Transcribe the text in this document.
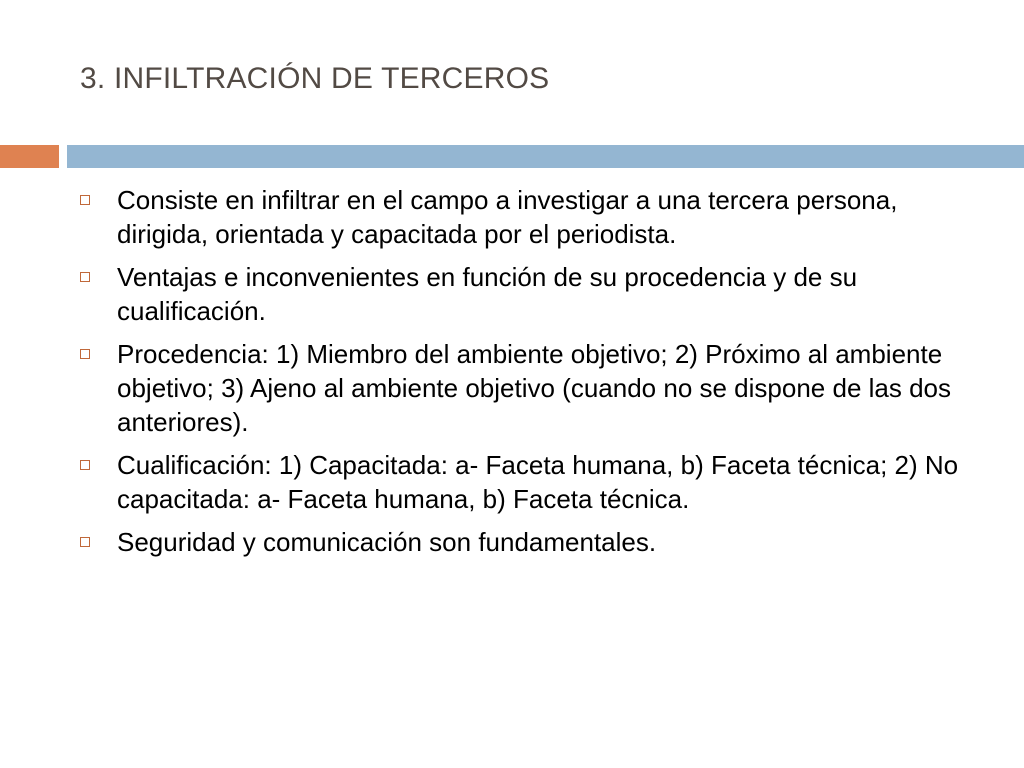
3. INFILTRACIÓN DE TERCEROS
Consiste en infiltrar en el campo a investigar a una tercera persona, dirigida, orientada y capacitada por el periodista.
Ventajas e inconvenientes en función de su procedencia y de su cualificación.
Procedencia: 1) Miembro del ambiente objetivo; 2) Próximo al ambiente objetivo; 3) Ajeno al ambiente objetivo (cuando no se dispone de las dos anteriores).
Cualificación: 1) Capacitada: a- Faceta humana, b) Faceta técnica; 2) No capacitada: a- Faceta humana, b) Faceta técnica.
Seguridad y comunicación son fundamentales.
